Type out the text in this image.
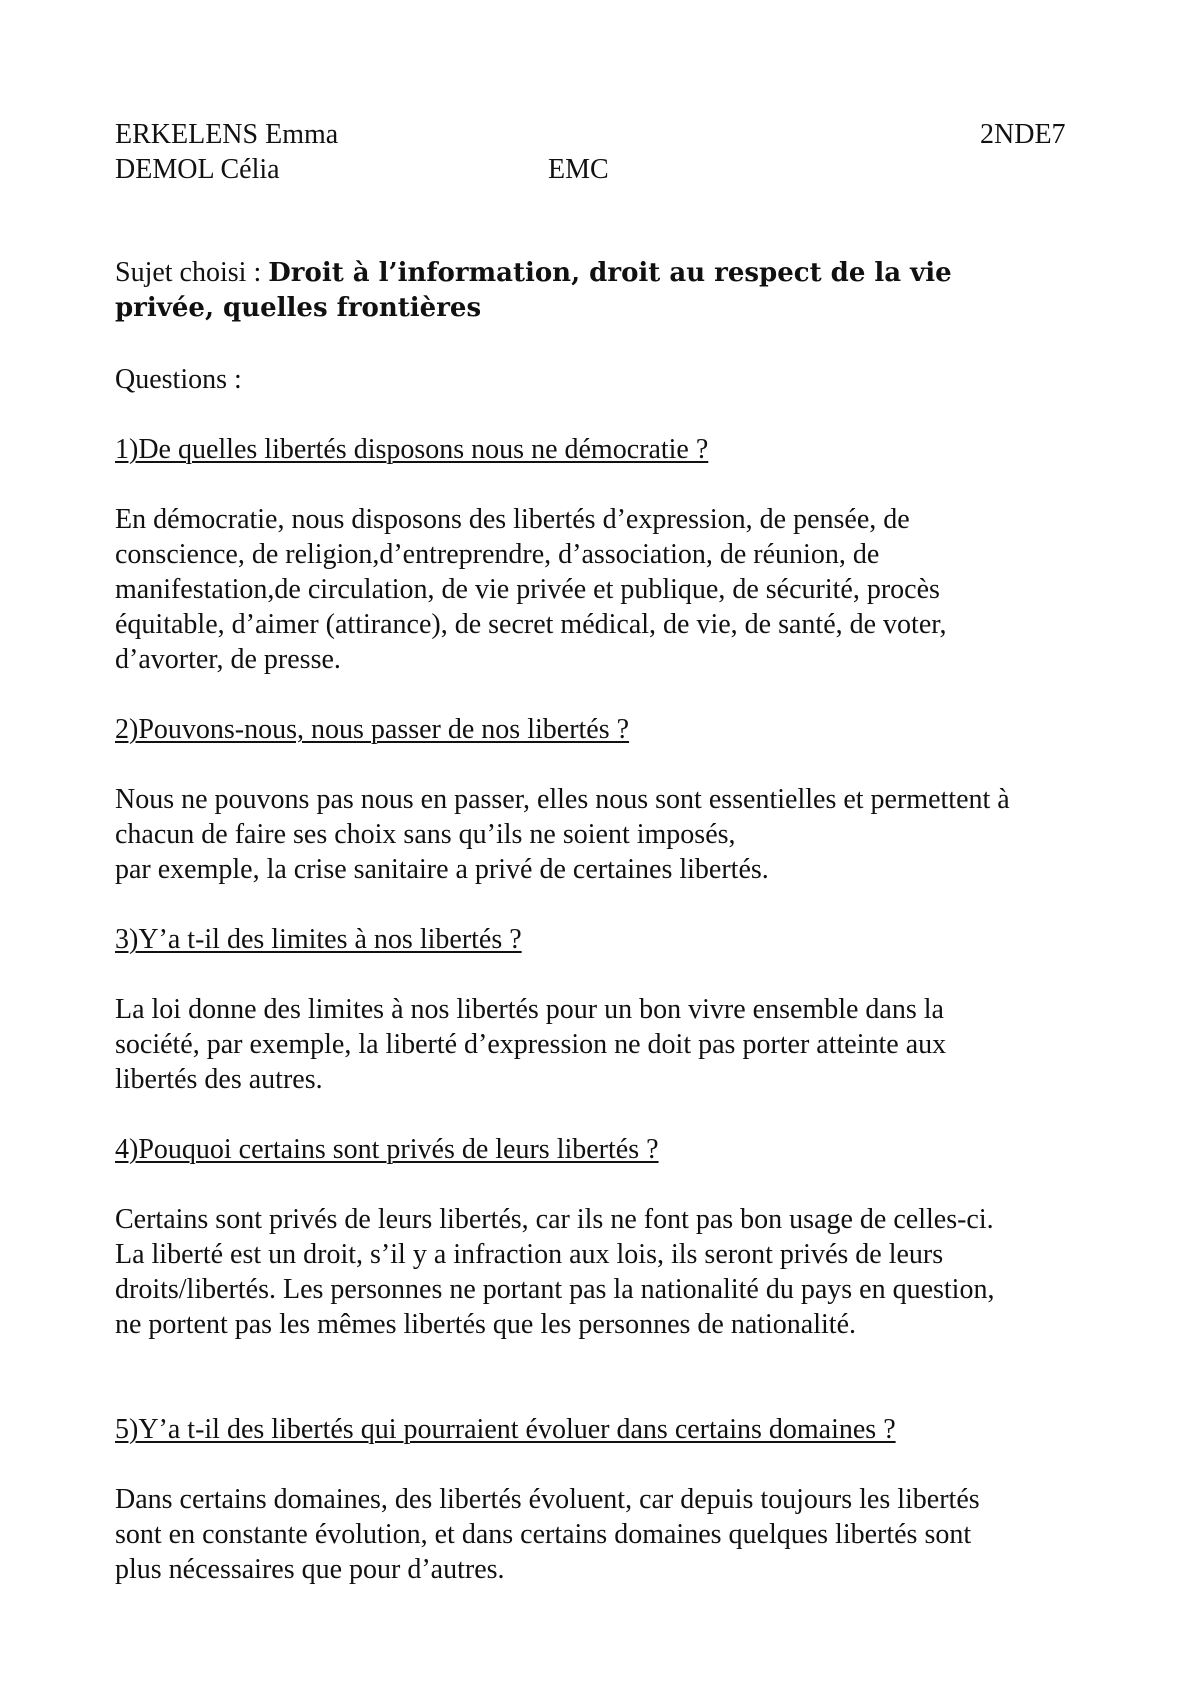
ERKELENS Emma	2NDE7
DEMOL Célia	EMC
Sujet choisi : Droit à l’information, droit au respect de la vie
privée, quelles frontières
Questions :
1)De quelles libertés disposons nous ne démocratie ?
En démocratie, nous disposons des libertés d’expression, de pensée, de
conscience, de religion,d’entreprendre, d’association, de réunion, de
manifestation,de circulation, de vie privée et publique, de sécurité, procès
équitable, d’aimer (attirance), de secret médical, de vie, de santé, de voter,
d’avorter, de presse.
2)Pouvons-nous, nous passer de nos libertés ?
Nous ne pouvons pas nous en passer, elles nous sont essentielles et permettent à
chacun de faire ses choix sans qu’ils ne soient imposés,
par exemple, la crise sanitaire a privé de certaines libertés.
3)Y’a t-il des limites à nos libertés ?
La loi donne des limites à nos libertés pour un bon vivre ensemble dans la
société, par exemple, la liberté d’expression ne doit pas porter atteinte aux
libertés des autres.
4)Pouquoi certains sont privés de leurs libertés ?
Certains sont privés de leurs libertés, car ils ne font pas bon usage de celles-ci.
La liberté est un droit, s’il y a infraction aux lois, ils seront privés de leurs
droits/libertés. Les personnes ne portant pas la nationalité du pays en question,
ne portent pas les mêmes libertés que les personnes de nationalité.
5)Y’a t-il des libertés qui pourraient évoluer dans certains domaines ?
Dans certains domaines, des libertés évoluent, car depuis toujours les libertés
sont en constante évolution, et dans certains domaines quelques libertés sont
plus nécessaires que pour d’autres.
